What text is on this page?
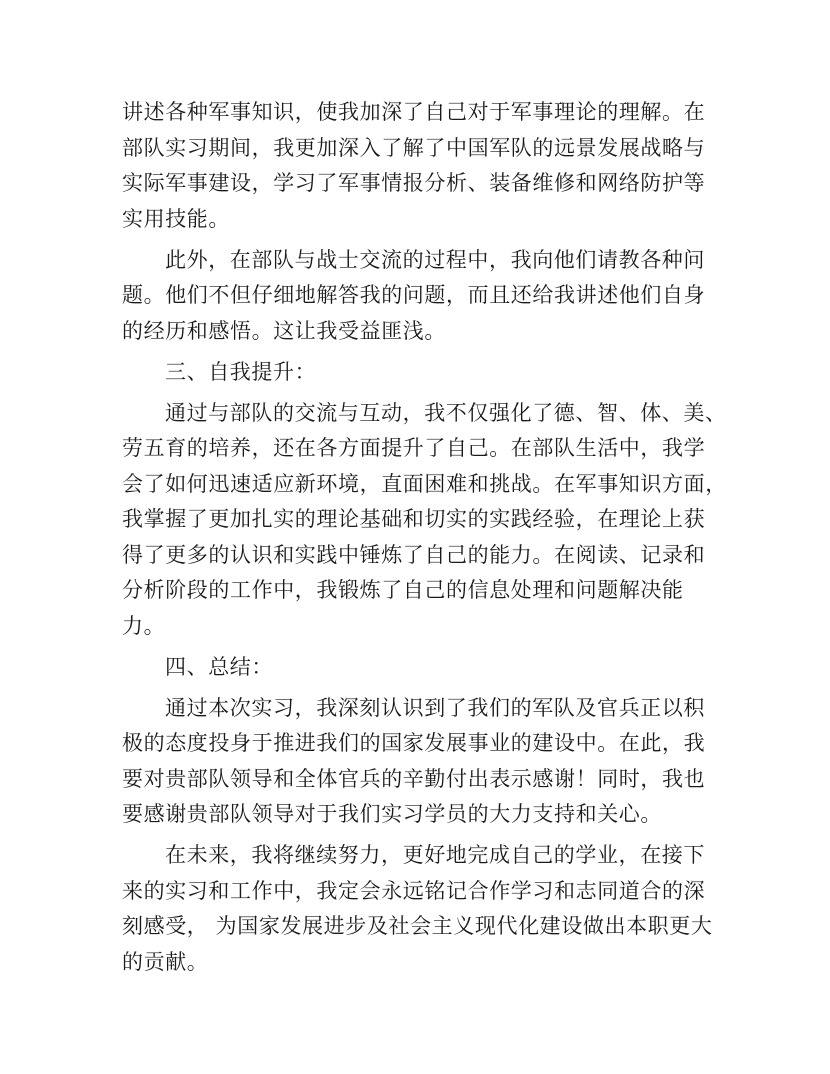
讲述各种军事知识，使我加深了自己对于军事理论的理解。在
部队实习期间，我更加深入了解了中国军队的远景发展战略与
实际军事建设，学习了军事情报分析、装备维修和网络防护等
实用技能。
此外，在部队与战士交流的过程中，我向他们请教各种问
题。他们不但仔细地解答我的问题，而且还给我讲述他们自身
的经历和感悟。这让我受益匪浅。
三、自我提升：
通过与部队的交流与互动，我不仅强化了德、智、体、美、
劳五育的培养，还在各方面提升了自己。在部队生活中，我学
会了如何迅速适应新环境，直面困难和挑战。在军事知识方面，
我掌握了更加扎实的理论基础和切实的实践经验，在理论上获
得了更多的认识和实践中锤炼了自己的能力。在阅读、记录和
分析阶段的工作中，我锻炼了自己的信息处理和问题解决能
力。
四、总结：
通过本次实习，我深刻认识到了我们的军队及官兵正以积
极的态度投身于推进我们的国家发展事业的建设中。在此，我
要对贵部队领导和全体官兵的辛勤付出表示感谢！同时，我也
要感谢贵部队领导对于我们实习学员的大力支持和关心。
在未来，我将继续努力，更好地完成自己的学业，在接下
来的实习和工作中，我定会永远铭记合作学习和志同道合的深
刻感受， 为国家发展进步及社会主义现代化建设做出本职更大
的贡献。
